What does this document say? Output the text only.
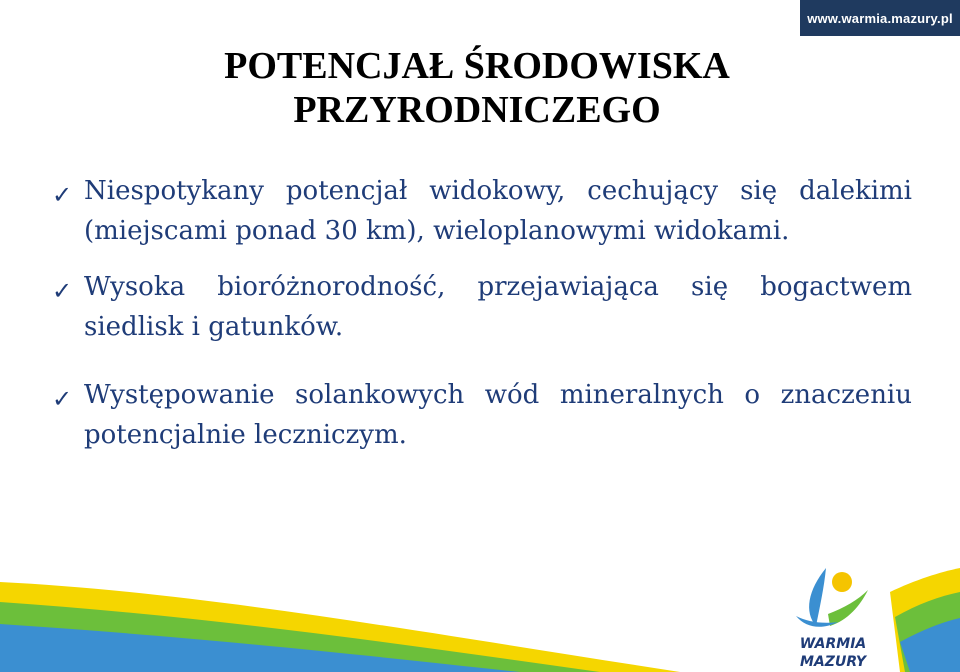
www.warmia.mazury.pl
POTENCJAŁ ŚRODOWISKA
PRZYRODNICZEGO
✓ Niespotykany potencjał widokowy, cechujący się dalekimi (miejscami ponad 30 km), wieloplanowymi widokami.
✓ Wysoka bioróżnorodność, przejawiająca się bogactwem siedlisk i gatunków.
✓ Występowanie solankowych wód mineralnych o znaczeniu potencjalnie leczniczym.
WARMIA
MAZURY
